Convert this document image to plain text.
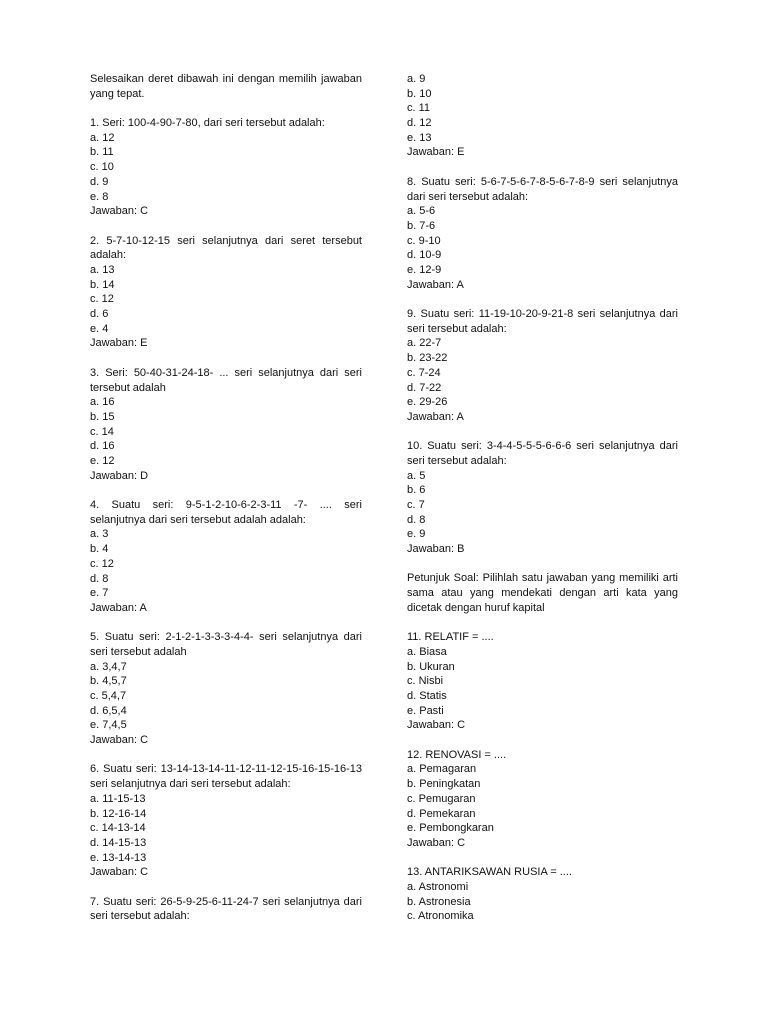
Selesaikan deret dibawah ini dengan memilih jawaban yang tepat.

1. Seri: 100-4-90-7-80, dari seri tersebut adalah:

a. 12

b. 11

c. 10

d. 9

e. 8

Jawaban: C

2. 5-7-10-12-15 seri selanjutnya dari seret tersebut adalah:

a. 13

b. 14

c. 12

d. 6

e. 4

Jawaban: E

3. Seri: 50-40-31-24-18- ... seri selanjutnya dari seri tersebut adalah

a. 16

b. 15

c. 14

d. 16

e. 12

Jawaban: D

4. Suatu seri: 9-5-1-2-10-6-2-3-11 -7- .... seri selanjutnya dari seri tersebut adalah adalah:

a. 3

b. 4

c. 12

d. 8

e. 7

Jawaban: A

5. Suatu seri: 2-1-2-1-3-3-3-4-4- seri selanjutnya dari seri tersebut adalah

a. 3,4,7

b. 4,5,7

c. 5,4,7

d. 6,5,4

e. 7,4,5

Jawaban: C

6. Suatu seri: 13-14-13-14-11-12-11-12-15-16-15-16-13 seri selanjutnya dari seri tersebut adalah:

a. 11-15-13

b. 12-16-14

c. 14-13-14

d. 14-15-13

e. 13-14-13

Jawaban: C

7. Suatu seri: 26-5-9-25-6-11-24-7 seri selanjutnya dari seri tersebut adalah:

a. 9

b. 10

c. 11

d. 12

e. 13

Jawaban: E

8. Suatu seri: 5-6-7-5-6-7-8-5-6-7-8-9 seri selanjutnya dari seri tersebut adalah:

a. 5-6

b. 7-6

c. 9-10

d. 10-9

e. 12-9

Jawaban: A

9. Suatu seri: 11-19-10-20-9-21-8 seri selanjutnya dari seri tersebut adalah:

a. 22-7

b. 23-22

c. 7-24

d. 7-22

e. 29-26

Jawaban: A

10. Suatu seri: 3-4-4-5-5-5-6-6-6 seri selanjutnya dari seri tersebut adalah:

a. 5

b. 6

c. 7

d. 8

e. 9

Jawaban: B

Petunjuk Soal: Pilihlah satu jawaban yang memiliki arti sama atau yang mendekati dengan arti kata yang dicetak dengan huruf kapital

11. RELATIF = ....

a. Biasa

b. Ukuran

c. Nisbi

d. Statis

e. Pasti

Jawaban: C

12. RENOVASI = ....

a. Pemagaran

b. Peningkatan

c. Pemugaran

d. Pemekaran

e. Pembongkaran

Jawaban: C

13. ANTARIKSAWAN RUSIA = ....

a. Astronomi

b. Astronesia

c. Atronomika
